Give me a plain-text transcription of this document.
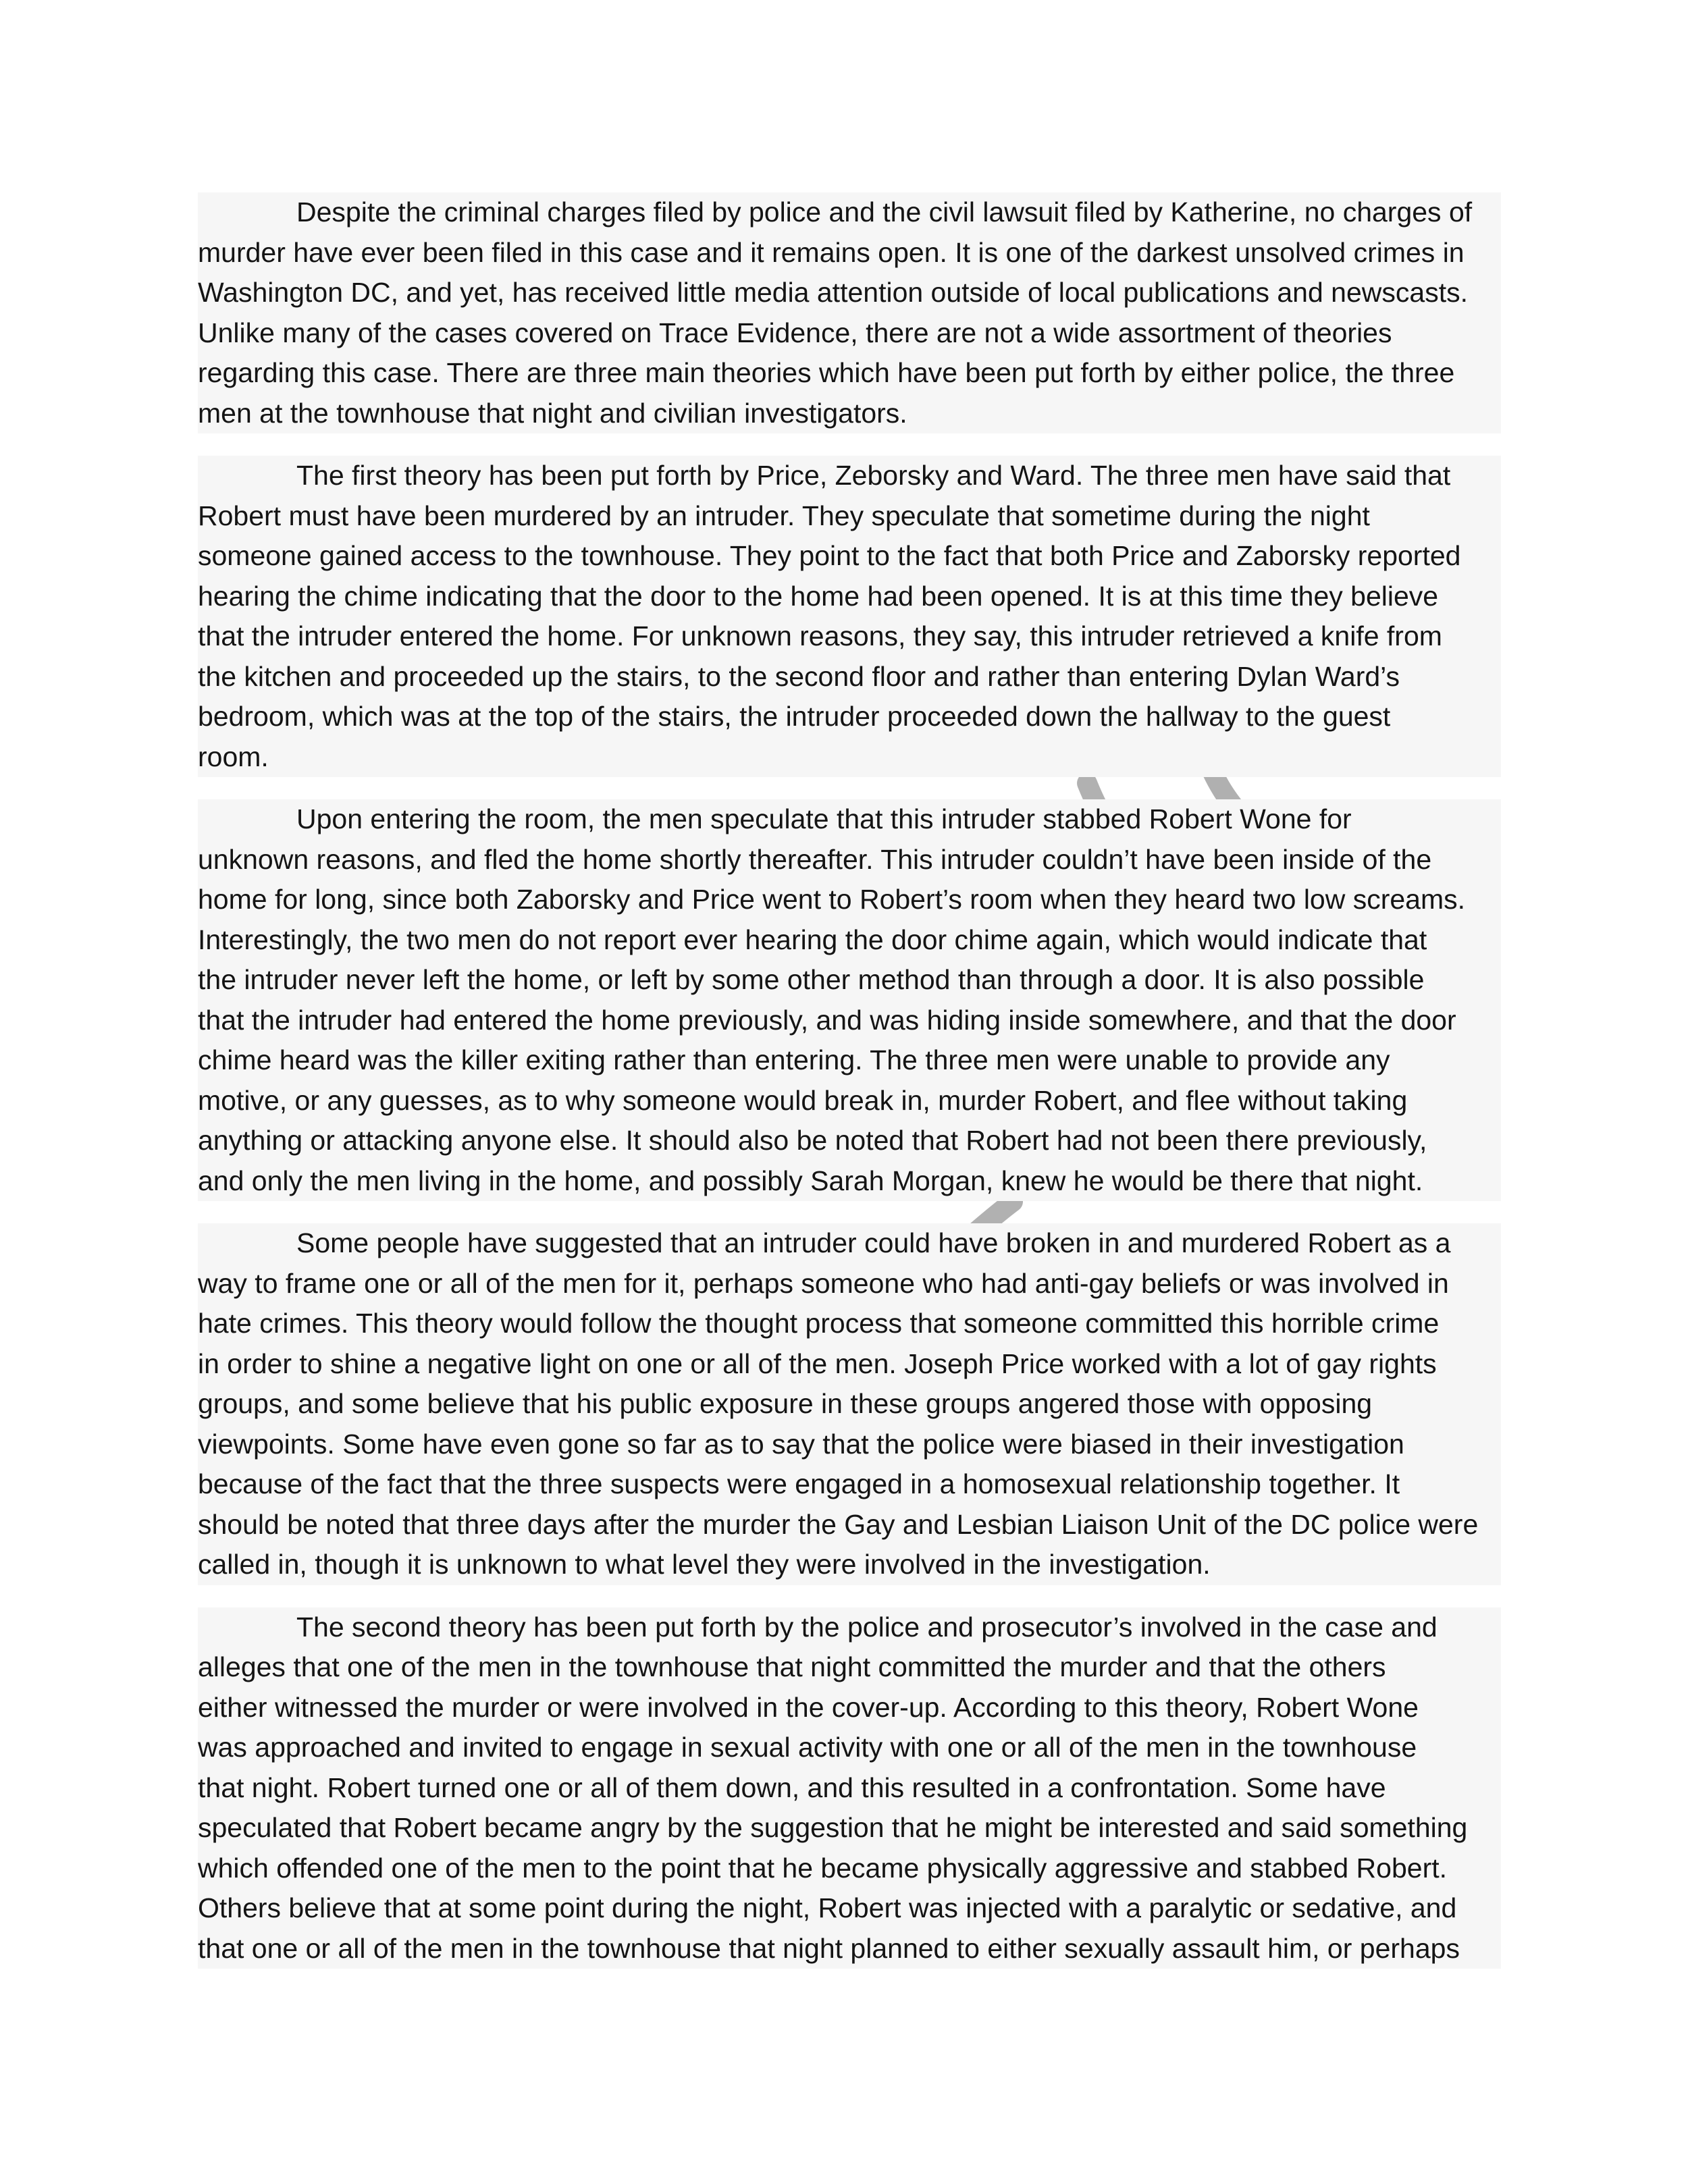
Despite the criminal charges filed by police and the civil lawsuit filed by Katherine, no charges of
murder have ever been filed in this case and it remains open. It is one of the darkest unsolved crimes in
Washington DC, and yet, has received little media attention outside of local publications and newscasts.
Unlike many of the cases covered on Trace Evidence, there are not a wide assortment of theories
regarding this case. There are three main theories which have been put forth by either police, the three
men at the townhouse that night and civilian investigators.
The first theory has been put forth by Price, Zeborsky and Ward. The three men have said that
Robert must have been murdered by an intruder. They speculate that sometime during the night
someone gained access to the townhouse. They point to the fact that both Price and Zaborsky reported
hearing the chime indicating that the door to the home had been opened. It is at this time they believe
that the intruder entered the home. For unknown reasons, they say, this intruder retrieved a knife from
the kitchen and proceeded up the stairs, to the second floor and rather than entering Dylan Ward’s
bedroom, which was at the top of the stairs, the intruder proceeded down the hallway to the guest
room.
Upon entering the room, the men speculate that this intruder stabbed Robert Wone for
unknown reasons, and fled the home shortly thereafter. This intruder couldn’t have been inside of the
home for long, since both Zaborsky and Price went to Robert’s room when they heard two low screams.
Interestingly, the two men do not report ever hearing the door chime again, which would indicate that
the intruder never left the home, or left by some other method than through a door. It is also possible
that the intruder had entered the home previously, and was hiding inside somewhere, and that the door
chime heard was the killer exiting rather than entering. The three men were unable to provide any
motive, or any guesses, as to why someone would break in, murder Robert, and flee without taking
anything or attacking anyone else. It should also be noted that Robert had not been there previously,
and only the men living in the home, and possibly Sarah Morgan, knew he would be there that night.
Some people have suggested that an intruder could have broken in and murdered Robert as a
way to frame one or all of the men for it, perhaps someone who had anti-gay beliefs or was involved in
hate crimes. This theory would follow the thought process that someone committed this horrible crime
in order to shine a negative light on one or all of the men. Joseph Price worked with a lot of gay rights
groups, and some believe that his public exposure in these groups angered those with opposing
viewpoints. Some have even gone so far as to say that the police were biased in their investigation
because of the fact that the three suspects were engaged in a homosexual relationship together. It
should be noted that three days after the murder the Gay and Lesbian Liaison Unit of the DC police were
called in, though it is unknown to what level they were involved in the investigation.
The second theory has been put forth by the police and prosecutor’s involved in the case and
alleges that one of the men in the townhouse that night committed the murder and that the others
either witnessed the murder or were involved in the cover-up. According to this theory, Robert Wone
was approached and invited to engage in sexual activity with one or all of the men in the townhouse
that night. Robert turned one or all of them down, and this resulted in a confrontation. Some have
speculated that Robert became angry by the suggestion that he might be interested and said something
which offended one of the men to the point that he became physically aggressive and stabbed Robert.
Others believe that at some point during the night, Robert was injected with a paralytic or sedative, and
that one or all of the men in the townhouse that night planned to either sexually assault him, or perhaps
